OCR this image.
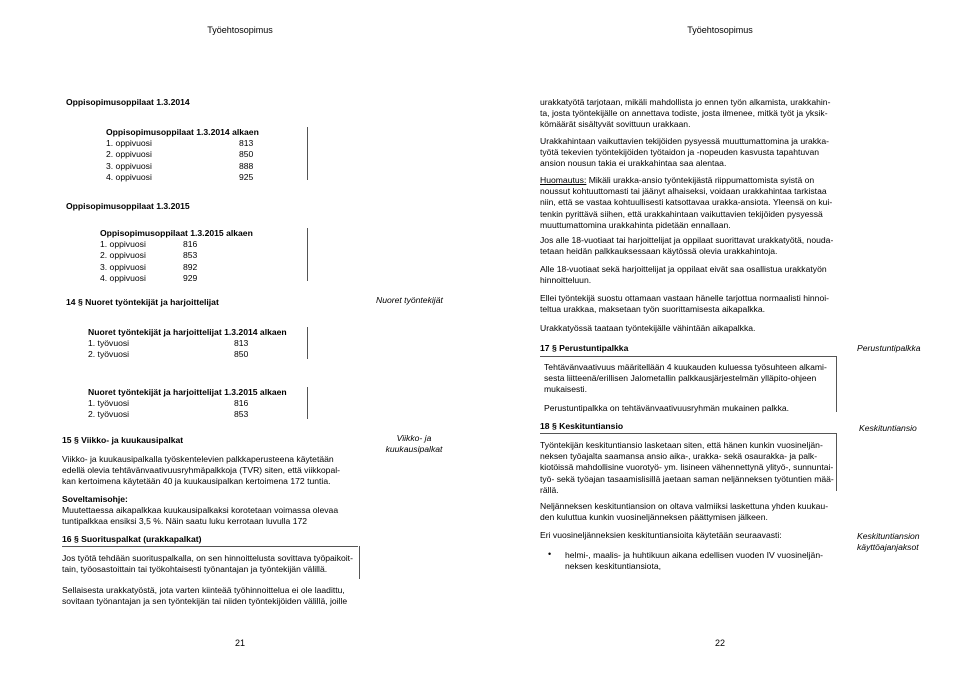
Työehtosopimus
Oppisopimusoppilaat 1.3.2014
Oppisopimusoppilaat 1.3.2014 alkaen
1. oppivuosi	813
2. oppivuosi	850
3. oppivuosi	888
4. oppivuosi	925
Oppisopimusoppilaat 1.3.2015
Oppisopimusoppilaat 1.3.2015 alkaen
1. oppivuosi	816
2. oppivuosi	853
3. oppivuosi	892
4. oppivuosi	929
14 § Nuoret työntekijät ja harjoittelijat	Nuoret työntekijät
Nuoret työntekijät ja harjoittelijat 1.3.2014 alkaen
1. työvuosi	813
2. työvuosi	850
Nuoret työntekijät ja harjoittelijat 1.3.2015 alkaen
1. työvuosi	816
2. työvuosi	853
15 § Viikko- ja kuukausipalkat	Viikko- ja kuukausipalkat
Viikko- ja kuukausipalkalla työskentelevien palkkaperusteena käytetään
edellä olevia tehtävänvaativuusryhmäpalkkoja (TVR) siten, että viikkopal-
kan kertoimena käytetään 40 ja kuukausipalkan kertoimena 172 tuntia.
Soveltamisohje:
Muutettaessa aikapalkkaa kuukausipalkaksi korotetaan voimassa olevaa
tuntipalkkaa ensiksi 3,5 %. Näin saatu luku kerrotaan luvulla 172
16 § Suorituspalkat (urakkapalkat)
Jos työtä tehdään suorituspalkalla, on sen hinnoittelusta sovittava työpaikoit-
tain, työosastoittain tai työkohtaisesti työnantajan ja työntekijän välillä.
Sellaisesta urakkatyöstä, jota varten kiinteää työhinnoittelua ei ole laadittu,
sovitaan työnantajan ja sen työntekijän tai niiden työntekijöiden välillä, joille
21
Työehtosopimus
urakkatyötä tarjotaan, mikäli mahdollista jo ennen työn alkamista, urakkahin-
ta, josta työntekijälle on annettava todiste, josta ilmenee, mitkä työt ja yksik-
kömäärät sisältyvät sovittuun urakkaan.
Urakkahintaan vaikuttavien tekijöiden pysyessä muuttumattomina ja urakka-
työtä tekevien työntekijöiden työtaidon ja -nopeuden kasvusta tapahtuvan
ansion nousun takia ei urakkahintaa saa alentaa.
Huomautus: Mikäli urakka-ansio työntekijästä riippumattomista syistä on
noussut kohtuuttomasti tai jäänyt alhaiseksi, voidaan urakkahintaa tarkistaa
niin, että se vastaa kohtuullisesti katsottavaa urakka-ansiota. Yleensä on kui-
tenkin pyrittävä siihen, että urakkahintaan vaikuttavien tekijöiden pysyessä
muuttumattomina urakkahinta pidetään ennallaan.
Jos alle 18-vuotiaat tai harjoittelijat ja oppilaat suorittavat urakkatyötä, nouda-
tetaan heidän palkkauksessaan käytössä olevia urakkahintoja.
Alle 18-vuotiaat sekä harjoittelijat ja oppilaat eivät saa osallistua urakkatyön
hinnoitteluun.
Ellei työntekijä suostu ottamaan vastaan hänelle tarjottua normaalisti hinnoi-
teltua urakkaa, maksetaan työn suorittamisesta aikapalkka.
Urakkatyössä taataan työntekijälle vähintään aikapalkka.
17 § Perustuntipalkka	Perustuntipalkka
Tehtävänvaativuus määritellään 4 kuukauden kuluessa työsuhteen alkami-
sesta liitteenä/erillisen Jalometallin palkkausjärjestelmän ylläpito-ohjeen
mukaisesti.
Perustuntipalkka on tehtävänvaativuusryhmän mukainen palkka.
18 § Keskituntiansio	Keskituntiansio
Työntekijän keskituntiansio lasketaan siten, että hänen kunkin vuosineljän-
neksen työajalta saamansa ansio aika-, urakka- sekä osaurakka- ja palk-
kiotöissä mahdollisine vuorotyö- ym. lisineen vähennettynä ylityö-, sunnuntai-
työ- sekä työajan tasaamislisillä jaetaan saman neljänneksen työtuntien mää-
rällä.
Neljänneksen keskituntiansion on oltava valmiiksi laskettuna yhden kuukau-
den kuluttua kunkin vuosineljänneksen päättymisen jälkeen.
Eri vuosineljänneksien keskituntiansioita käytetään seuraavasti:	Keskituntiansion
käyttöajanjaksot
• helmi-, maalis- ja huhtikuun aikana edellisen vuoden IV vuosineljän-
neksen keskituntiansiota,
22
